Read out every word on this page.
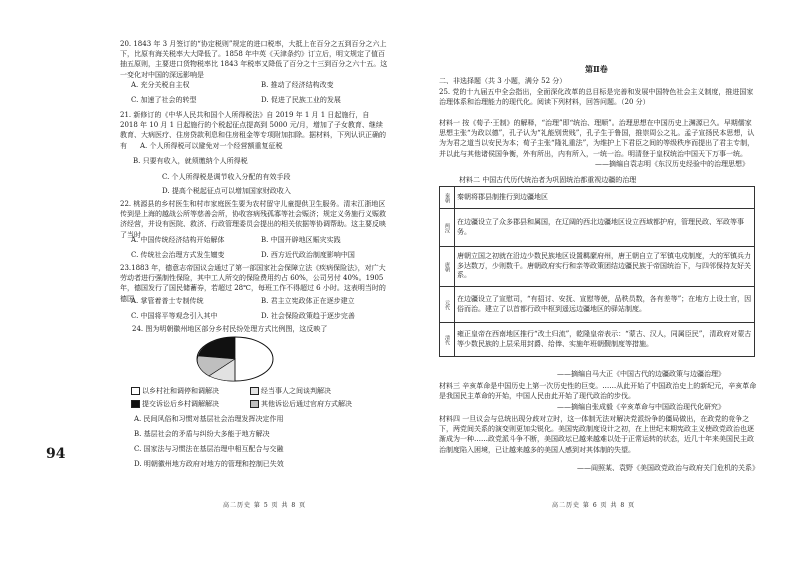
20. 1843 年 3 月签订的“协定税则”规定的进口税率，大抵上在百分之五到百分之六上下，比原有海关税率大大降低了。1858 年中英《天津条约》订立后，明文规定了值百抽五原则，主要进口货物税率比 1843 年税率又降低了百分之十三到百分之六十五。这一变化对中国的深远影响是
A. 充分关税自主权	B. 推动了经济结构改变
C. 加速了社会的转型	D. 促进了民族工业的发展
21. 新修订的《中华人民共和国个人所得税法》自 2019 年 1 月 1 日起施行，自 2018 年 10 月 1 日起施行的个税起征点提高到 5000 元/月，增加了子女教育、继续教育、大病医疗、住房贷款利息和住房租金等专项附加扣除。据材料，下列认识正确的有	A. 个人所得税可以避免对一个经营额重复征税
B. 只要有收入，就须缴纳个人所得税
C. 个人所得税是调节收入分配的有效手段
D. 提高个税起征点可以增加国家财政收入
22. 桃源县的乡村医生和村市家庭医生要为农村留守儿童提供卫生服务。清末江浙地区传到是上海的越战公所等慈善会所，协收容病残孤寡等社会赈济；规定义务施行义赈救济经营，并设有医院、救济、行政管理委员会提出的相关依据等协调帮助。这主要反映了当时
A. 中国传统经济结构开始解体	B. 中国开辟地区赈灾实践
C. 传统社会治理方式发生嬗变	D. 西方近代政治制度影响中国
23.1883 年，德意志帝国议会通过了第一部国家社会保障立法《疾病保险法》，对广大劳动者进行强制性保险，其中工人所交的保险费用约占 60%，公司另付 40%。1905 年，德国发行了国民储蓄券，若超过 28℃，每班工作不得超过 6 小时。这表明当时的德国
A. 掌管着普士专制传统	B. 君主立宪政体正在逐步建立
C. 中国将平等观念引入其中	D. 社会保险政策趋于逐步完善
24. 图为明朝徽州地区部分乡村民纷处理方式比例图，这反映了
以乡村社和调停和调解决	经当事人之间谈判解决
提交诉讼后乡村调解解决	其他诉讼后通过官府方式解决
A. 民间风俗和习惯对基层社会治理发挥决定作用
B. 基层社会的矛盾与纠纷大多能于地方解决
C. 国家法与习惯法在基层治理中相互配合与交融
D. 明朝徽州地方政府对地方的管理和控制已失效
94
高二历史 第 5 页 共 8 页
第Ⅱ卷
二、非选择题（共 3 小题，满分 52 分）
25. 党的十九届五中全会指出，全面深化改革的总目标是完善和发展中国特色社会主义制度，推进国家治理体系和治理能力的现代化。阅读下列材料，回答问题。（20 分）
材料一 按《荀子·王制》的解释，“治理”即“统治、理顺”。治理思想在中国历史上渊源已久。早期儒家思想主张“为政以德”，孔子认为“礼能别贵贱”，孔子生于鲁国，推崇周公之礼。孟子宣扬民本思想，认为为君之道当以安民为本；荀子主张“隆礼重法”，为维护上下君臣之间的等级秩序而提出了君主专制，并以此与其他诸侯国争衡，外有所出，内有所入，一统一治。明清登于皇权统治中国天下万事一统。
——摘编自袁志明《东汉历史经验中的治理思想》
材料二 中国古代历代统治者为巩固统治都重视边疆的治理
秦朝	秦朝将郡县制推行到边疆地区
两汉	在边疆设立了众多郡县和属国，在辽阔的西北边疆地区设立西域都护府，管理民政、军政等事务。
唐朝	唐朝立国之初就在沿边少数民族地区设置羁縻府州，唐王朝自立了军镇屯戍制度，大的军镇兵力多达数万，少则数千。唐朝政府实行和亲等政策团结边疆民族于帝国统治下，与四邻保持友好关系。
元代	在边疆设立了宣慰司，“有招讨、安抚、宣慰等使，品秩员数，各有差等”；在地方上设土官，因俗而治。建立了以首都行政中枢到遥远边疆地区的驿站制度。
清代	雍正皇帝在西南地区推行“改土归流”，乾隆皇帝表示：“蒙古、汉人，同属臣民”，清政府对蒙古等少数民族的上层采用封爵、给俸、实施年班朝觐制度等措施。
——摘编自马大正《中国古代的边疆政策与边疆治理》
材料三 辛亥革命是中国历史上第一次历史性的巨变。……从此开始了中国政治史上的新纪元，辛亥革命是我国民主革命的开始，中国人民由此开始了现代政治的步伐。
——摘编自张成毅《辛亥革命与中国政治现代化研究》
材料四 一旦议会与总统出现分歧对立时，这一体制无法对解决党派纷争的僵局做出，在政党的竞争之下，两党间关系的演变则更加尖锐化。美国宪政制度设计之初，在上世纪末期宪政主义使政党政治也逐渐成为一种……政党派斗争不断，美国政坛已越来越难以处于正常运转的状态，近几十年来美国民主政治制度陷入困境，已让越来越多的美国人感到对其体制的失望。
——阎照某、袁野《美国政党政治与政府关门危机的关系》
高二历史 第 6 页 共 8 页
